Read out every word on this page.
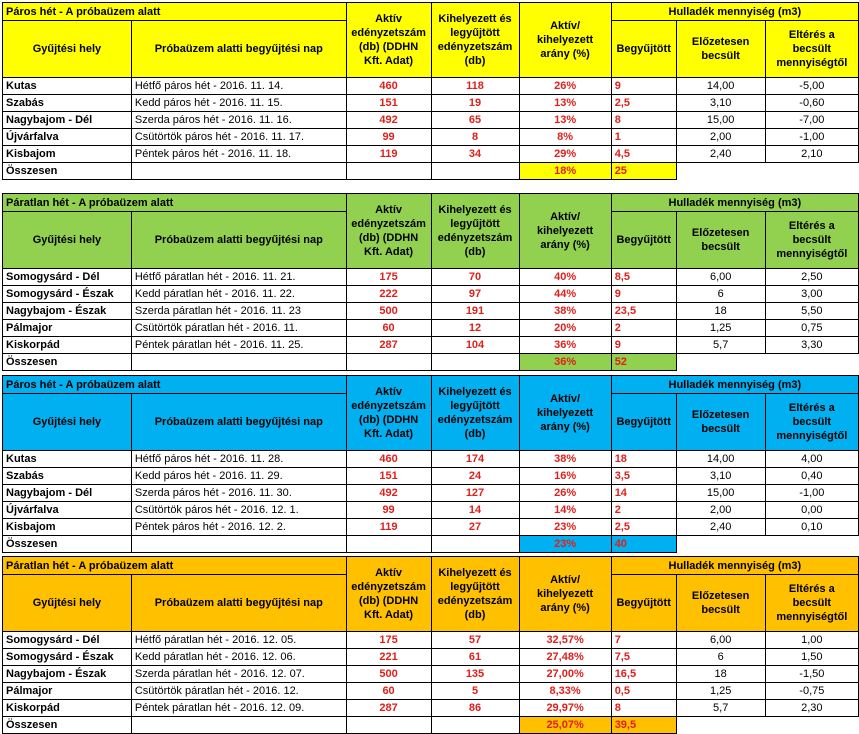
Páros hét - A próbaüzem alatt		Aktív edényzetszám (db) (DDHN Kft. Adat)	Kihelyezett és legyűjtött edényzetszám (db)	Aktív/ kihelyezett arány (%)	Hulladék mennyiség (m3)		
Gyűjtési hely	Próbaüzem alatti begyűjtési nap				Begyűjtött	Előzetesen becsült	Eltérés a becsült mennyiségtől
Kutas	Hétfő páros hét - 2016. 11. 14.	460	118	26%	9	14,00	-5,00
Szabás	Kedd páros hét - 2016. 11. 15.	151	19	13%	2,5	3,10	-0,60
Nagybajom - Dél	Szerda páros hét - 2016. 11. 16.	492	65	13%	8	15,00	-7,00
Újvárfalva	Csütörtök páros hét - 2016. 11. 17.	99	8	8%	1	2,00	-1,00
Kisbajom	Péntek páros hét - 2016. 11. 18.	119	34	29%	4,5	2,40	2,10
Összesen				18%	25		
Páratlan hét - A próbaüzem alatt		Aktív edényzetszám (db) (DDHN Kft. Adat)	Kihelyezett és legyűjtött edényzetszám (db)	Aktív/ kihelyezett arány (%)	Hulladék mennyiség (m3)		
Gyűjtési hely	Próbaüzem alatti begyűjtési nap				Begyűjtött	Előzetesen becsült	Eltérés a becsült mennyiségtől
Somogysárd - Dél	Hétfő páratlan hét - 2016. 11. 21.	175	70	40%	8,5	6,00	2,50
Somogysárd - Észak	Kedd páratlan hét - 2016. 11. 22.	222	97	44%	9	6	3,00
Nagybajom - Észak	Szerda páratlan hét - 2016. 11. 23	500	191	38%	23,5	18	5,50
Pálmajor	Csütörtök páratlan hét - 2016. 11.	60	12	20%	2	1,25	0,75
Kiskorpád	Péntek páratlan hét - 2016. 11. 25.	287	104	36%	9	5,7	3,30
Összesen				36%	52		
Páros hét - A próbaüzem alatt		Aktív edényzetszám (db) (DDHN Kft. Adat)	Kihelyezett és legyűjtött edényzetszám (db)	Aktív/ kihelyezett arány (%)	Hulladék mennyiség (m3)		
Gyűjtési hely	Próbaüzem alatti begyűjtési nap				Begyűjtött	Előzetesen becsült	Eltérés a becsült mennyiségtől
Kutas	Hétfő páros hét - 2016. 11. 28.	460	174	38%	18	14,00	4,00
Szabás	Kedd páros hét - 2016. 11. 29.	151	24	16%	3,5	3,10	0,40
Nagybajom - Dél	Szerda páros hét - 2016. 11. 30.	492	127	26%	14	15,00	-1,00
Újvárfalva	Csütörtök páros hét - 2016. 12. 1.	99	14	14%	2	2,00	0,00
Kisbajom	Péntek páros hét - 2016. 12. 2.	119	27	23%	2,5	2,40	0,10
Összesen				23%	40		
Páratlan hét - A próbaüzem alatt		Aktív edényzetszám (db) (DDHN Kft. Adat)	Kihelyezett és legyűjtött edényzetszám (db)	Aktív/ kihelyezett arány (%)	Hulladék mennyiség (m3)		
Gyűjtési hely	Próbaüzem alatti begyűjtési nap				Begyűjtött	Előzetesen becsült	Eltérés a becsült mennyiségtől
Somogysárd - Dél	Hétfő páratlan hét - 2016. 12. 05.	175	57	32,57%	7	6,00	1,00
Somogysárd - Észak	Kedd páratlan hét - 2016. 12. 06.	221	61	27,48%	7,5	6	1,50
Nagybajom - Észak	Szerda páratlan hét - 2016. 12. 07.	500	135	27,00%	16,5	18	-1,50
Pálmajor	Csütörtök páratlan hét - 2016. 12.	60	5	8,33%	0,5	1,25	-0,75
Kiskorpád	Péntek páratlan hét - 2016. 12. 09.	287	86	29,97%	8	5,7	2,30
Összesen				25,07%	39,5		
